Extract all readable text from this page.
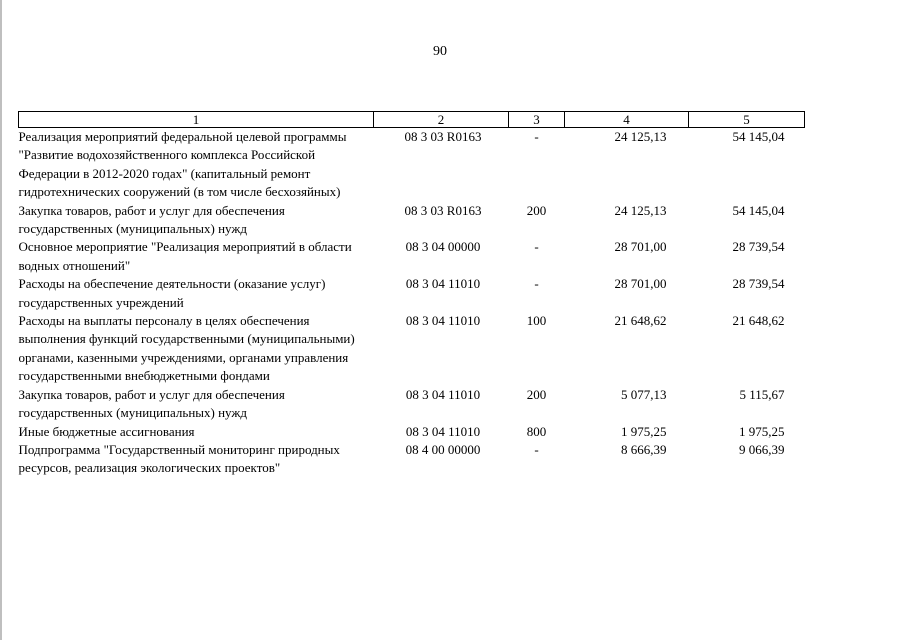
90
1	2	3	4	5
Реализация мероприятий федеральной целевой программы "Развитие водохозяйственного комплекса Российской Федерации в 2012-2020 годах" (капитальный ремонт гидротехнических сооружений (в том числе бесхозяйных)	08 3 03 R0163	-	24 125,13	54 145,04
Закупка товаров, работ и услуг для обеспечения государственных (муниципальных) нужд	08 3 03 R0163	200	24 125,13	54 145,04
Основное мероприятие "Реализация мероприятий в области водных отношений"	08 3 04 00000	-	28 701,00	28 739,54
Расходы на обеспечение деятельности (оказание услуг) государственных учреждений	08 3 04 11010	-	28 701,00	28 739,54
Расходы на выплаты персоналу в целях обеспечения выполнения функций государственными (муниципальными) органами, казенными учреждениями, органами управления государственными внебюджетными фондами	08 3 04 11010	100	21 648,62	21 648,62
Закупка товаров, работ и услуг для обеспечения государственных (муниципальных) нужд	08 3 04 11010	200	5 077,13	5 115,67
Иные бюджетные ассигнования	08 3 04 11010	800	1 975,25	1 975,25
Подпрограмма "Государственный мониторинг природных ресурсов, реализация экологических проектов"	08 4 00 00000	-	8 666,39	9 066,39
